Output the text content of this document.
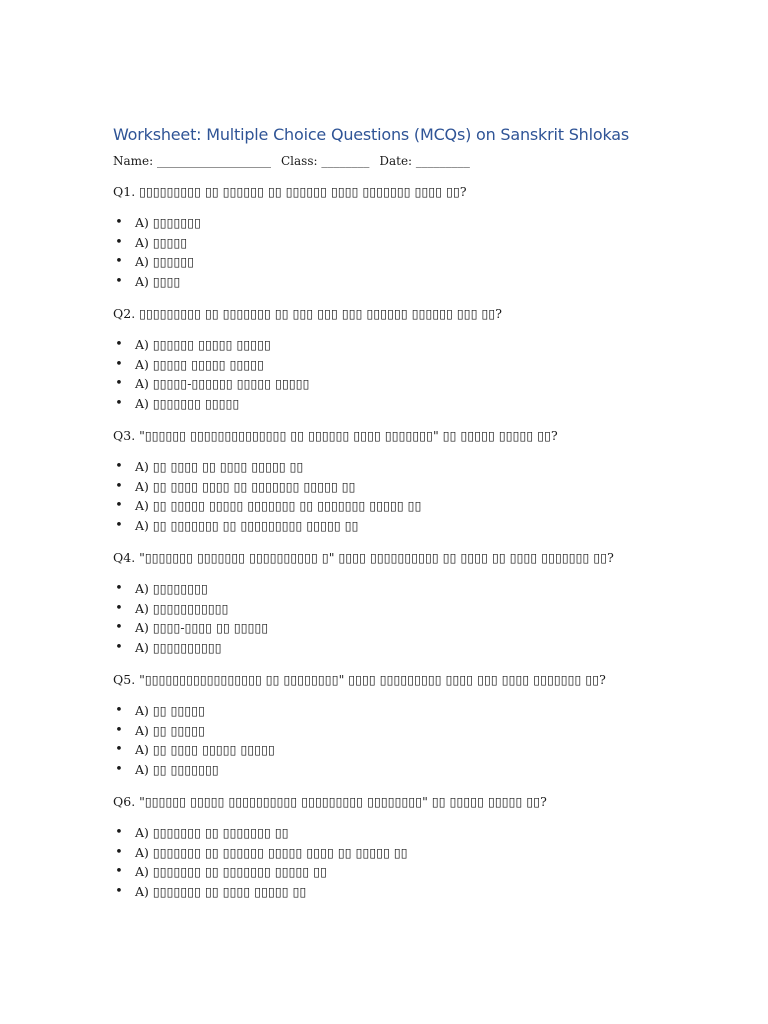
Worksheet: Multiple Choice Questions (MCQs) on Sanskrit Shlokas
Name: ___________________ Class: ________ Date: _________

Q1. ▯▯▯▯▯▯▯▯▯ ▯▯ ▯▯▯▯▯▯ ▯▯ ▯▯▯▯▯▯ ▯▯▯▯ ▯▯▯▯▯▯▯ ▯▯▯▯ ▯▯?

• A) ▯▯▯▯▯▯▯
• A) ▯▯▯▯▯
• A) ▯▯▯▯▯▯
• A) ▯▯▯▯

Q2. ▯▯▯▯▯▯▯▯▯ ▯▯ ▯▯▯▯▯▯▯ ▯▯ ▯▯▯ ▯▯▯ ▯▯▯ ▯▯▯▯▯▯ ▯▯▯▯▯▯ ▯▯▯ ▯▯?

• A) ▯▯▯▯▯▯ ▯▯▯▯▯ ▯▯▯▯▯
• A) ▯▯▯▯▯ ▯▯▯▯▯ ▯▯▯▯▯
• A) ▯▯▯▯▯-▯▯▯▯▯▯ ▯▯▯▯▯ ▯▯▯▯▯
• A) ▯▯▯▯▯▯▯ ▯▯▯▯▯

Q3. "▯▯▯▯▯▯ ▯▯▯▯▯▯▯▯▯▯▯▯▯▯ ▯▯ ▯▯▯▯▯▯ ▯▯▯▯ ▯▯▯▯▯▯▯" ▯▯ ▯▯▯▯▯ ▯▯▯▯▯ ▯▯?

• A) ▯▯ ▯▯▯▯ ▯▯ ▯▯▯▯ ▯▯▯▯▯ ▯▯
• A) ▯▯ ▯▯▯▯ ▯▯▯▯ ▯▯ ▯▯▯▯▯▯▯ ▯▯▯▯▯ ▯▯
• A) ▯▯ ▯▯▯▯▯ ▯▯▯▯▯ ▯▯▯▯▯▯▯ ▯▯ ▯▯▯▯▯▯▯ ▯▯▯▯▯ ▯▯
• A) ▯▯ ▯▯▯▯▯▯▯ ▯▯ ▯▯▯▯▯▯▯▯▯ ▯▯▯▯▯ ▯▯

Q4. "▯▯▯▯▯▯▯ ▯▯▯▯▯▯▯ ▯▯▯▯▯▯▯▯▯▯ ▯" ▯▯▯▯ ▯▯▯▯▯▯▯▯▯▯ ▯▯ ▯▯▯▯ ▯▯ ▯▯▯▯ ▯▯▯▯▯▯▯ ▯▯?

• A) ▯▯▯▯▯▯▯▯
• A) ▯▯▯▯▯▯▯▯▯▯▯
• A) ▯▯▯▯-▯▯▯▯ ▯▯ ▯▯▯▯▯
• A) ▯▯▯▯▯▯▯▯▯▯

Q5. "▯▯▯▯▯▯▯▯▯▯▯▯▯▯▯▯▯ ▯▯ ▯▯▯▯▯▯▯▯" ▯▯▯▯ ▯▯▯▯▯▯▯▯▯ ▯▯▯▯ ▯▯▯ ▯▯▯▯ ▯▯▯▯▯▯▯ ▯▯?

• A) ▯▯ ▯▯▯▯▯
• A) ▯▯ ▯▯▯▯▯
• A) ▯▯ ▯▯▯▯ ▯▯▯▯▯ ▯▯▯▯▯
• A) ▯▯ ▯▯▯▯▯▯▯

Q6. "▯▯▯▯▯▯ ▯▯▯▯▯ ▯▯▯▯▯▯▯▯▯▯ ▯▯▯▯▯▯▯▯▯ ▯▯▯▯▯▯▯▯" ▯▯ ▯▯▯▯▯ ▯▯▯▯▯ ▯▯?

• A) ▯▯▯▯▯▯▯ ▯▯ ▯▯▯▯▯▯▯ ▯▯
• A) ▯▯▯▯▯▯▯ ▯▯ ▯▯▯▯▯▯ ▯▯▯▯▯ ▯▯▯▯ ▯▯ ▯▯▯▯▯ ▯▯
• A) ▯▯▯▯▯▯▯ ▯▯ ▯▯▯▯▯▯▯ ▯▯▯▯▯ ▯▯
• A) ▯▯▯▯▯▯▯ ▯▯ ▯▯▯▯ ▯▯▯▯▯ ▯▯
